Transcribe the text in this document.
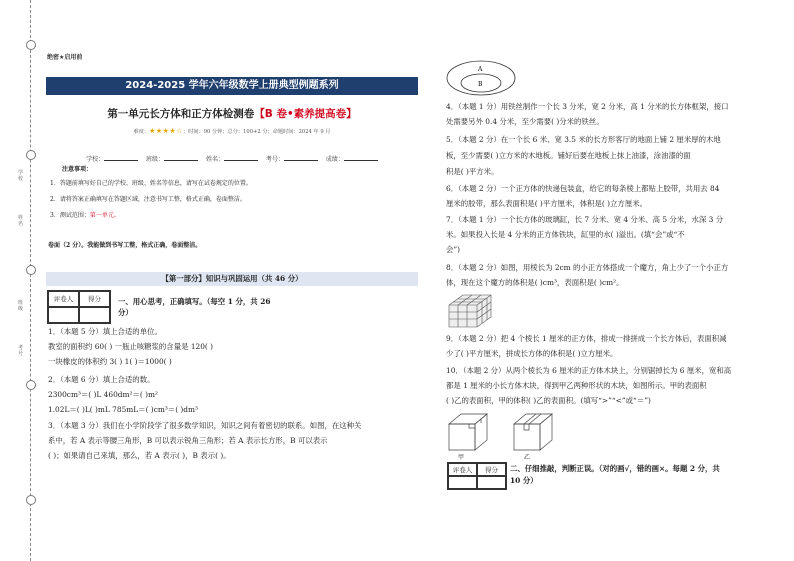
学校
姓名
班级
考号
绝密★启用前
2024-2025 学年六年级数学上册典型例题系列
第一单元长方体和正方体检测卷【B 卷•素养提高卷】
难度：★★★★☆；时间：90 分钟；总分：100+2 分；命题时间：2024 年 9 月
学校：	班级：	姓名：	考号：	成绩：
注意事项：
1．答题前填写好自己的学校、班级、姓名等信息，请写在试卷规定的位置。
2．请将答案正确填写在答题区域，注意书写工整，格式正确，卷面整洁。
3．测试范围：第一单元。
卷面（2 分）。我能做到书写工整，格式正确，卷面整洁。
【第一部分】知识与巩固运用（共 46 分）
评卷人	得分	一、用心思考，正确填写。（每空 1 分，共 26
分）
1．（本题 5 分）填上合适的单位。
教室的面积约 60( ) 一瓶止咳糖浆的含量是 120( )
一块橡皮的体积约 3( ) 1( )＝1000( )
2．（本题 6 分）填上合适的数。
2300cm³＝( )L 460dm²＝( )m²
1.02L＝( )L( )mL 785mL＝( )cm³＝( )dm³
3．（本题 3 分）我们在小学阶段学了很多数学知识，知识之间有着密切的联系。如图，在这种关
系中，若 A 表示等腰三角形，B 可以表示锐角三角形；若 A 表示长方形，B 可以表示
( )；如果请自己来填，那么，若 A 表示( )，B 表示( )。
A
B
4．（本题 1 分）用铁丝制作一个长 3 分米，宽 2 分米，高 1 分米的长方体框架，接口
处需要另外 0.4 分米，至少需要( )分米的铁丝。
5．（本题 2 分）在一个长 6 米、宽 3.5 米的长方形客厅的地面上铺 2 厘米厚的木地
板，至少需要( )立方米的木地板。铺好后要在地板上抹上油漆，涂油漆的面
积是( )平方米。
6．（本题 2 分）一个正方体的快递包装盒，给它的每条棱上都贴上胶带，共用去 84
厘米的胶带，那么表面积是( )平方厘米，体积是( )立方厘米。
7．（本题 1 分）一个长方体的玻璃缸，长 7 分米、宽 4 分米、高 5 分米，水深 3 分
米。如果投入长是 4 分米的正方体铁块，缸里的水( )溢出。(填“会”或“不
会”)
8．（本题 2 分）如图，用棱长为 2cm 的小正方体搭成一个魔方，角上少了一个小正方
体，现在这个魔方的体积是( )cm³，表面积是( )cm²。
9．（本题 2 分）把 4 个棱长 1 厘米的正方体，排成一排拼成一个长方体后，表面积减
少了( )平方厘米，拼成长方体的体积是( )立方厘米。
10．（本题 2 分）从两个棱长为 6 厘米的正方体木块上，分别锯掉长为 6 厘米，宽和高
都是 1 厘米的小长方体木块，得到甲乙两种形状的木块，如图所示。甲的表面积
( )乙的表面积，甲的体积( )乙的表面积。(填写“>”“<”或“＝”)
甲	乙
评卷人	得分	二、仔细推敲，判断正误。（对的画√，错的画×。每题 2 分，共
10 分）
